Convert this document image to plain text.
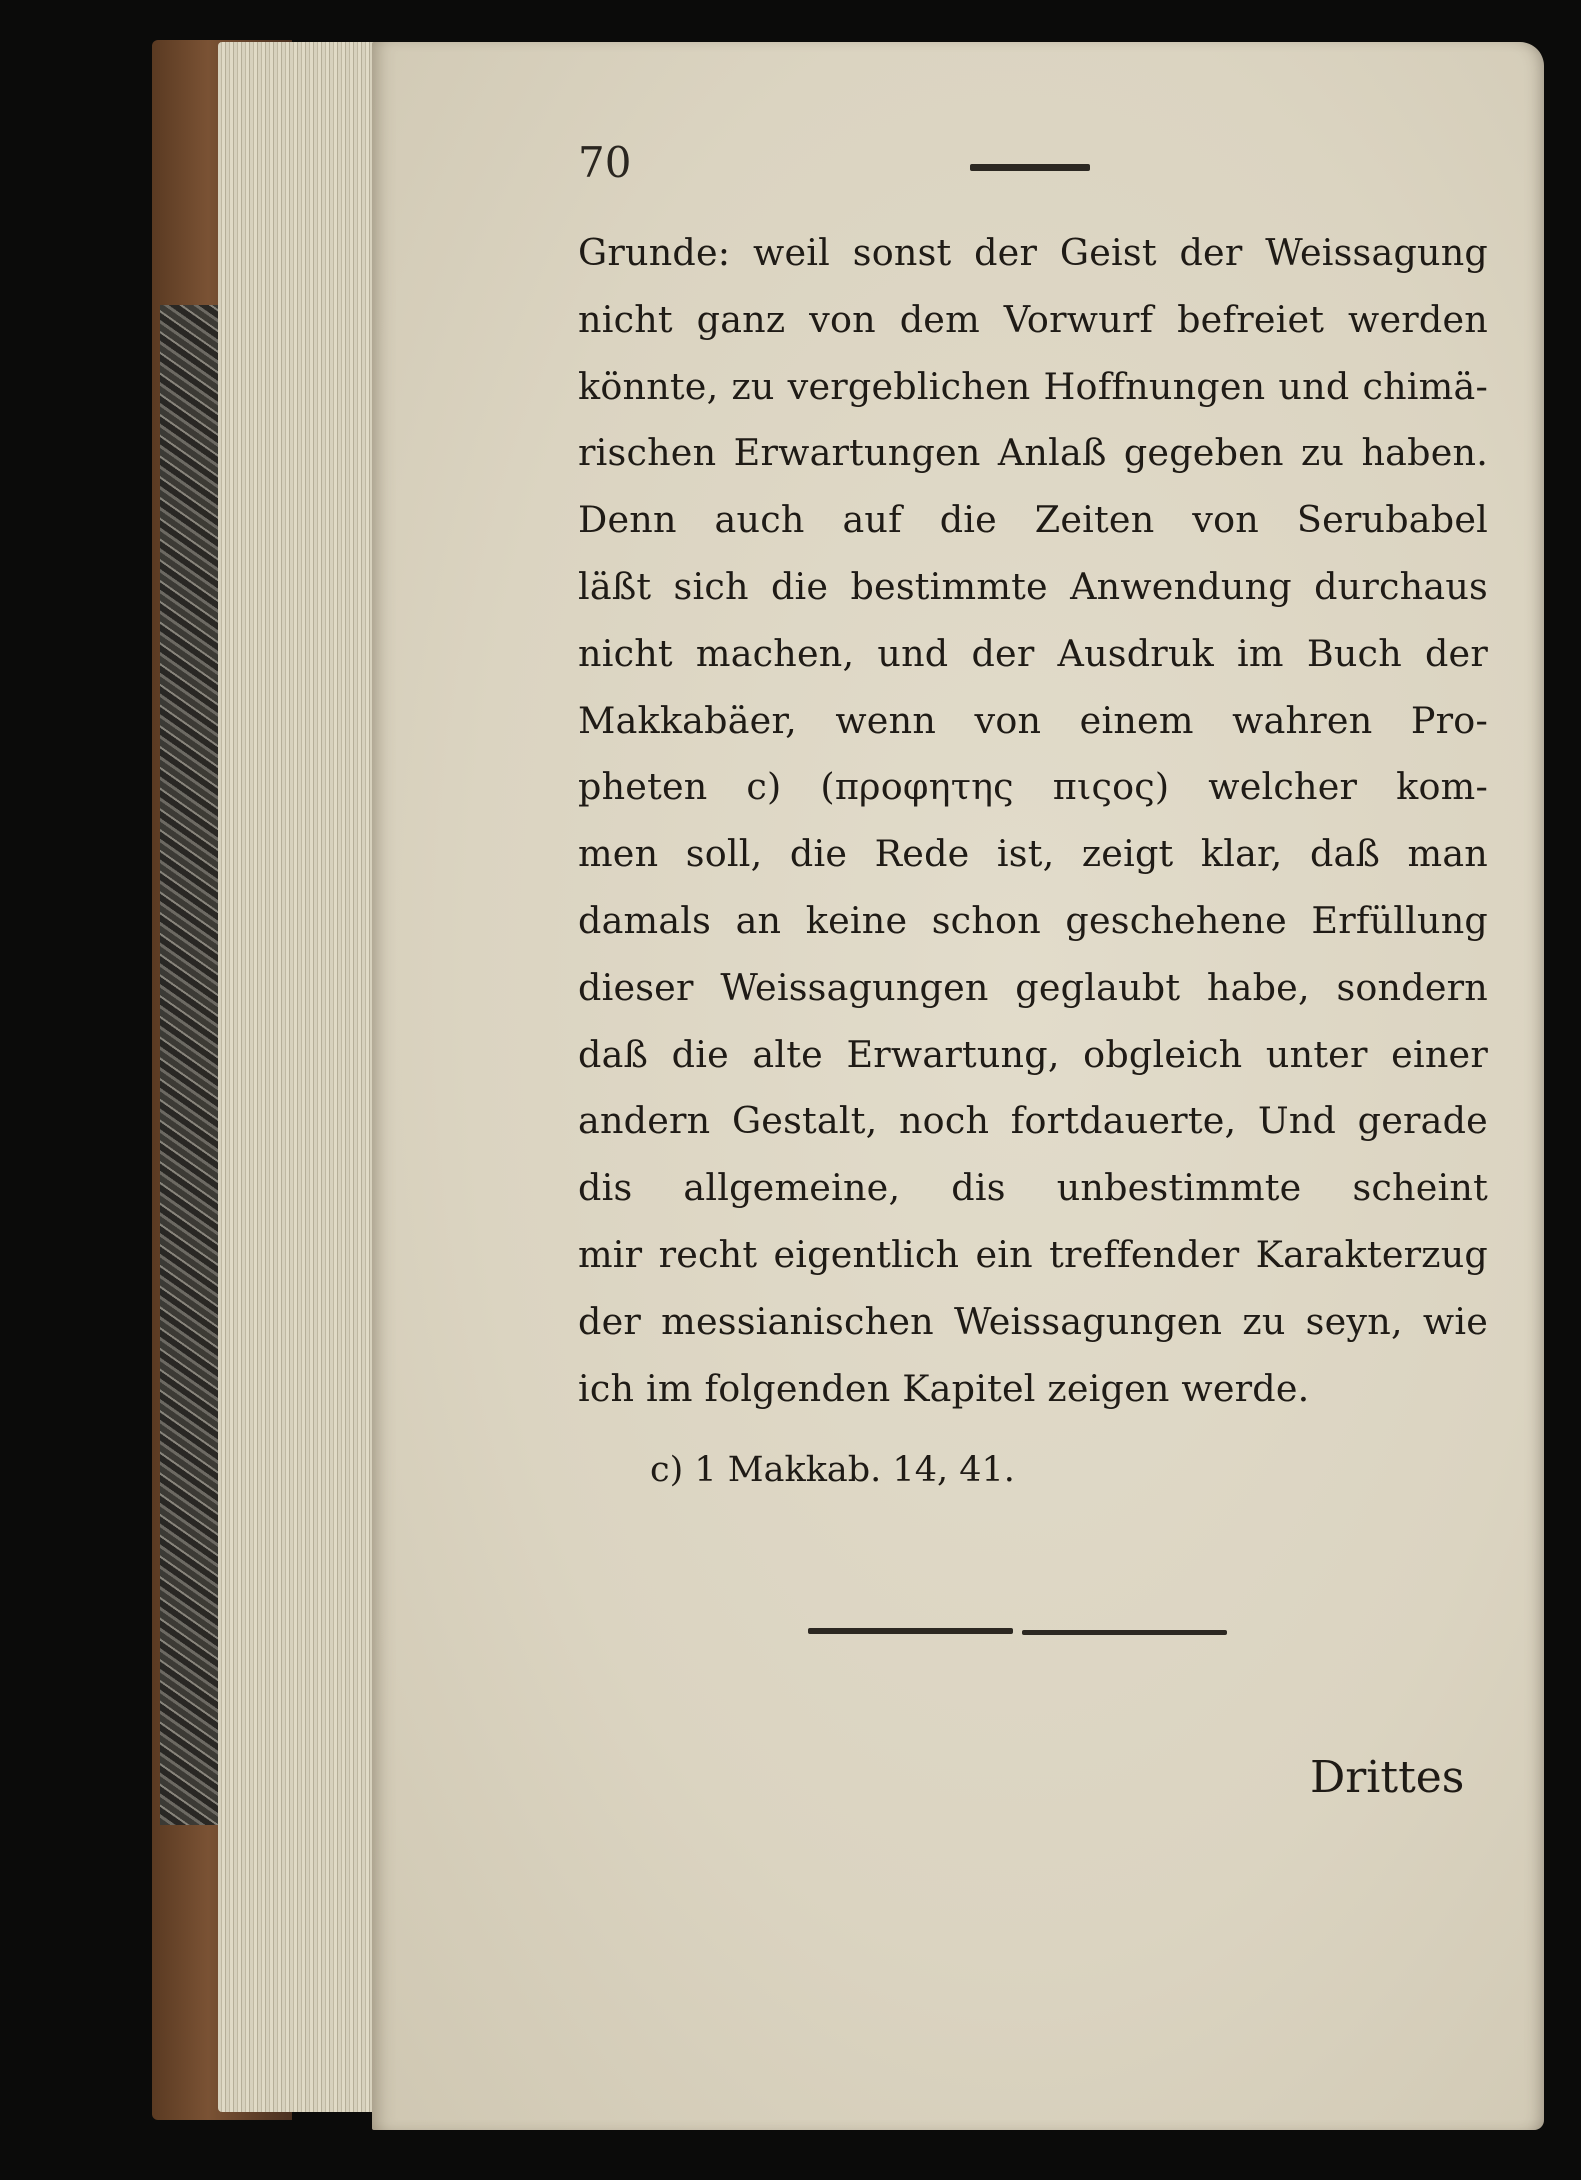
70
Grunde: weil sonst der Geist der Weissagung
nicht ganz von dem Vorwurf befreiet werden
könnte, zu vergeblichen Hoffnungen und chimä-
rischen Erwartungen Anlaß gegeben zu haben.
Denn auch auf die Zeiten von Serubabel
läßt sich die bestimmte Anwendung durchaus
nicht machen, und der Ausdruk im Buch der
Makkabäer, wenn von einem wahren Pro-
pheten c) (προφητης πιςος) welcher kom-
men soll, die Rede ist, zeigt klar, daß man
damals an keine schon geschehene Erfüllung
dieser Weissagungen geglaubt habe, sondern
daß die alte Erwartung, obgleich unter einer
andern Gestalt, noch fortdauerte, Und gerade
dis allgemeine, dis unbestimmte scheint
mir recht eigentlich ein treffender Karakterzug
der messianischen Weissagungen zu seyn, wie
ich im folgenden Kapitel zeigen werde.
c) 1 Makkab. 14, 41.
Drittes
